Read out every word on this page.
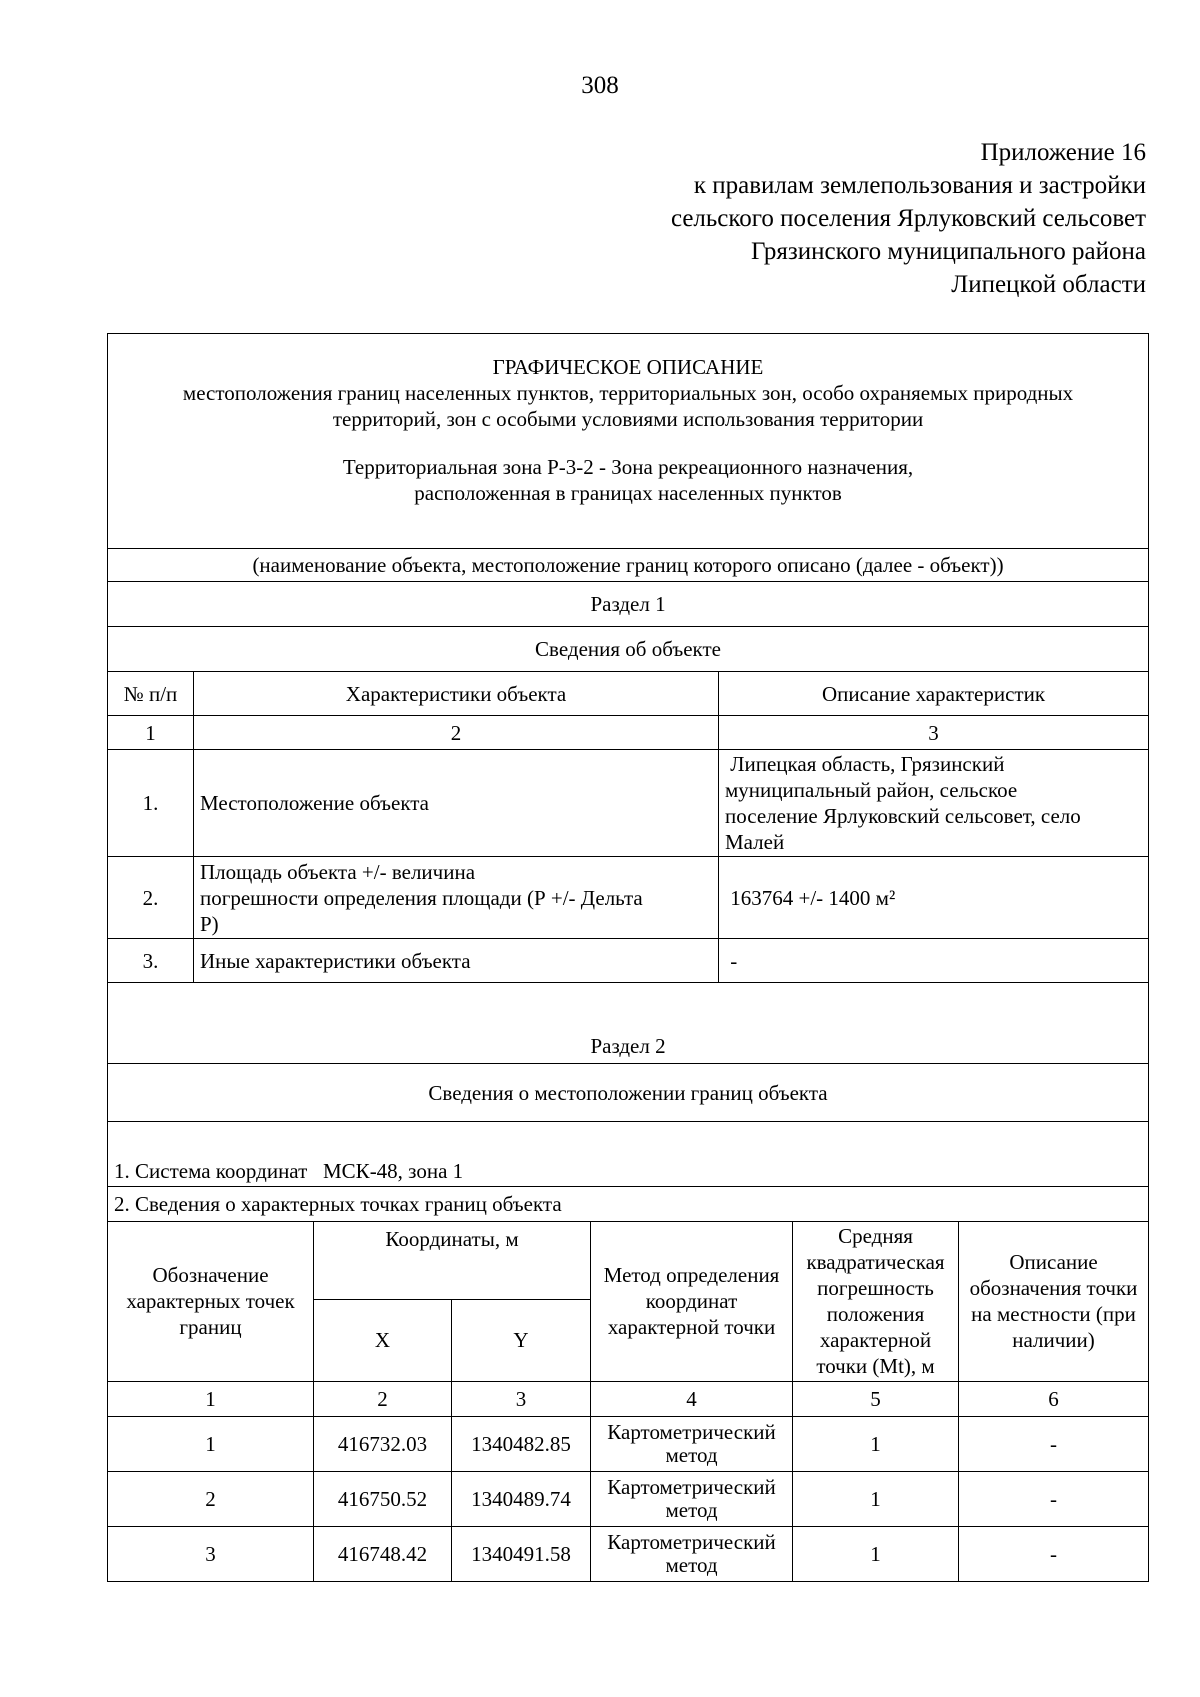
308
Приложение 16
к правилам землепользования и застройки
сельского поселения Ярлуковский сельсовет
Грязинского муниципального района
Липецкой области
ГРАФИЧЕСКОЕ ОПИСАНИЕ
местоположения границ населенных пунктов, территориальных зон, особо охраняемых природных
территорий, зон с особыми условиями использования территории
Территориальная зона Р-3-2 - Зона рекреационного назначения,
расположенная в границах населенных пунктов		

(наименование объекта, местоположение границ которого описано (далее - объект))		
Раздел 1		
Сведения об объекте		
№ п/п	Характеристики объекта	Описание характеристик
1	2	3
1.	Местоположение объекта	Липецкая область, Грязинский
муниципальный район, сельское
поселение Ярлуковский сельсовет, село
Малей

2.	Площадь объекта +/- величина
погрешности определения площади (Р +/- Дельта
Р)	163764 +/- 1400 м²
3.	Иные характеристики объекта	-
Раздел 2		
Сведения о местоположении границ объекта		
1. Система координат   МСК-48, зона 1		
2. Сведения о характерных точках границ объекта		
Обозначение характерных точек границ	Координаты, м		Метод определения координат характерной точки	Средняя квадратическая погрешность положения характерной точки (Mt), м	Описание обозначения точки на местности (при наличии)
	X	Y			
1	2	3	4	5	6
1	416732.03	1340482.85	Картометрический метод	1	-
2	416750.52	1340489.74	Картометрический метод	1	-
3	416748.42	1340491.58	Картометрический метод	1	-
